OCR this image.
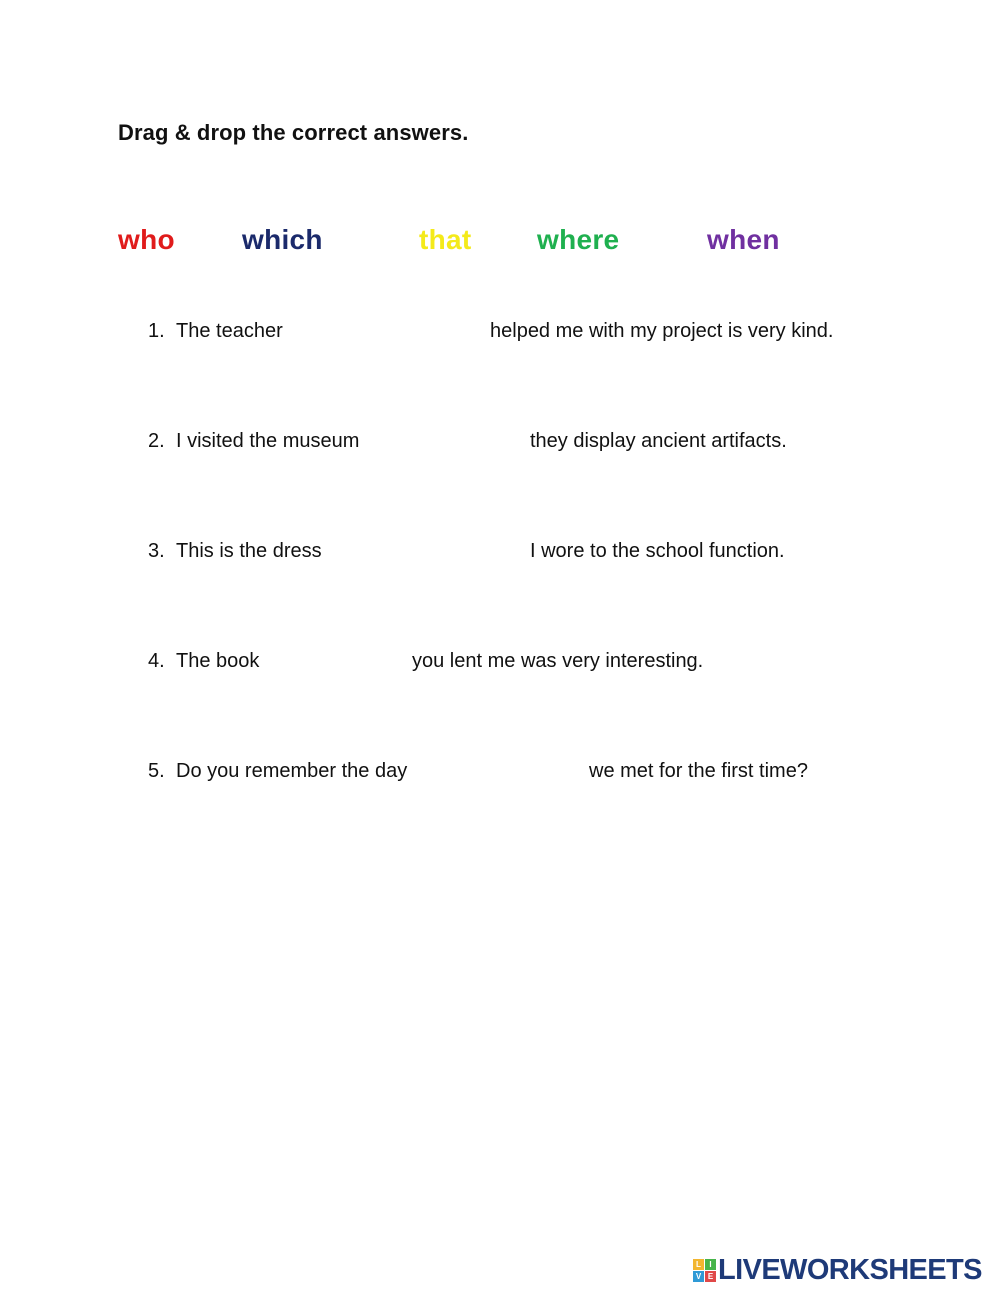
Drag & drop the correct answers.
who which	that where	when
1. The teacher	helped me with my project is very kind.
2. I visited the museum	they display ancient artifacts.
3. This is the dress	I wore to the school function.
4. The book	you lent me was very interesting.
5. Do you remember the day	we met for the first time?
L	I
V E LIVEWORKSHEETS
